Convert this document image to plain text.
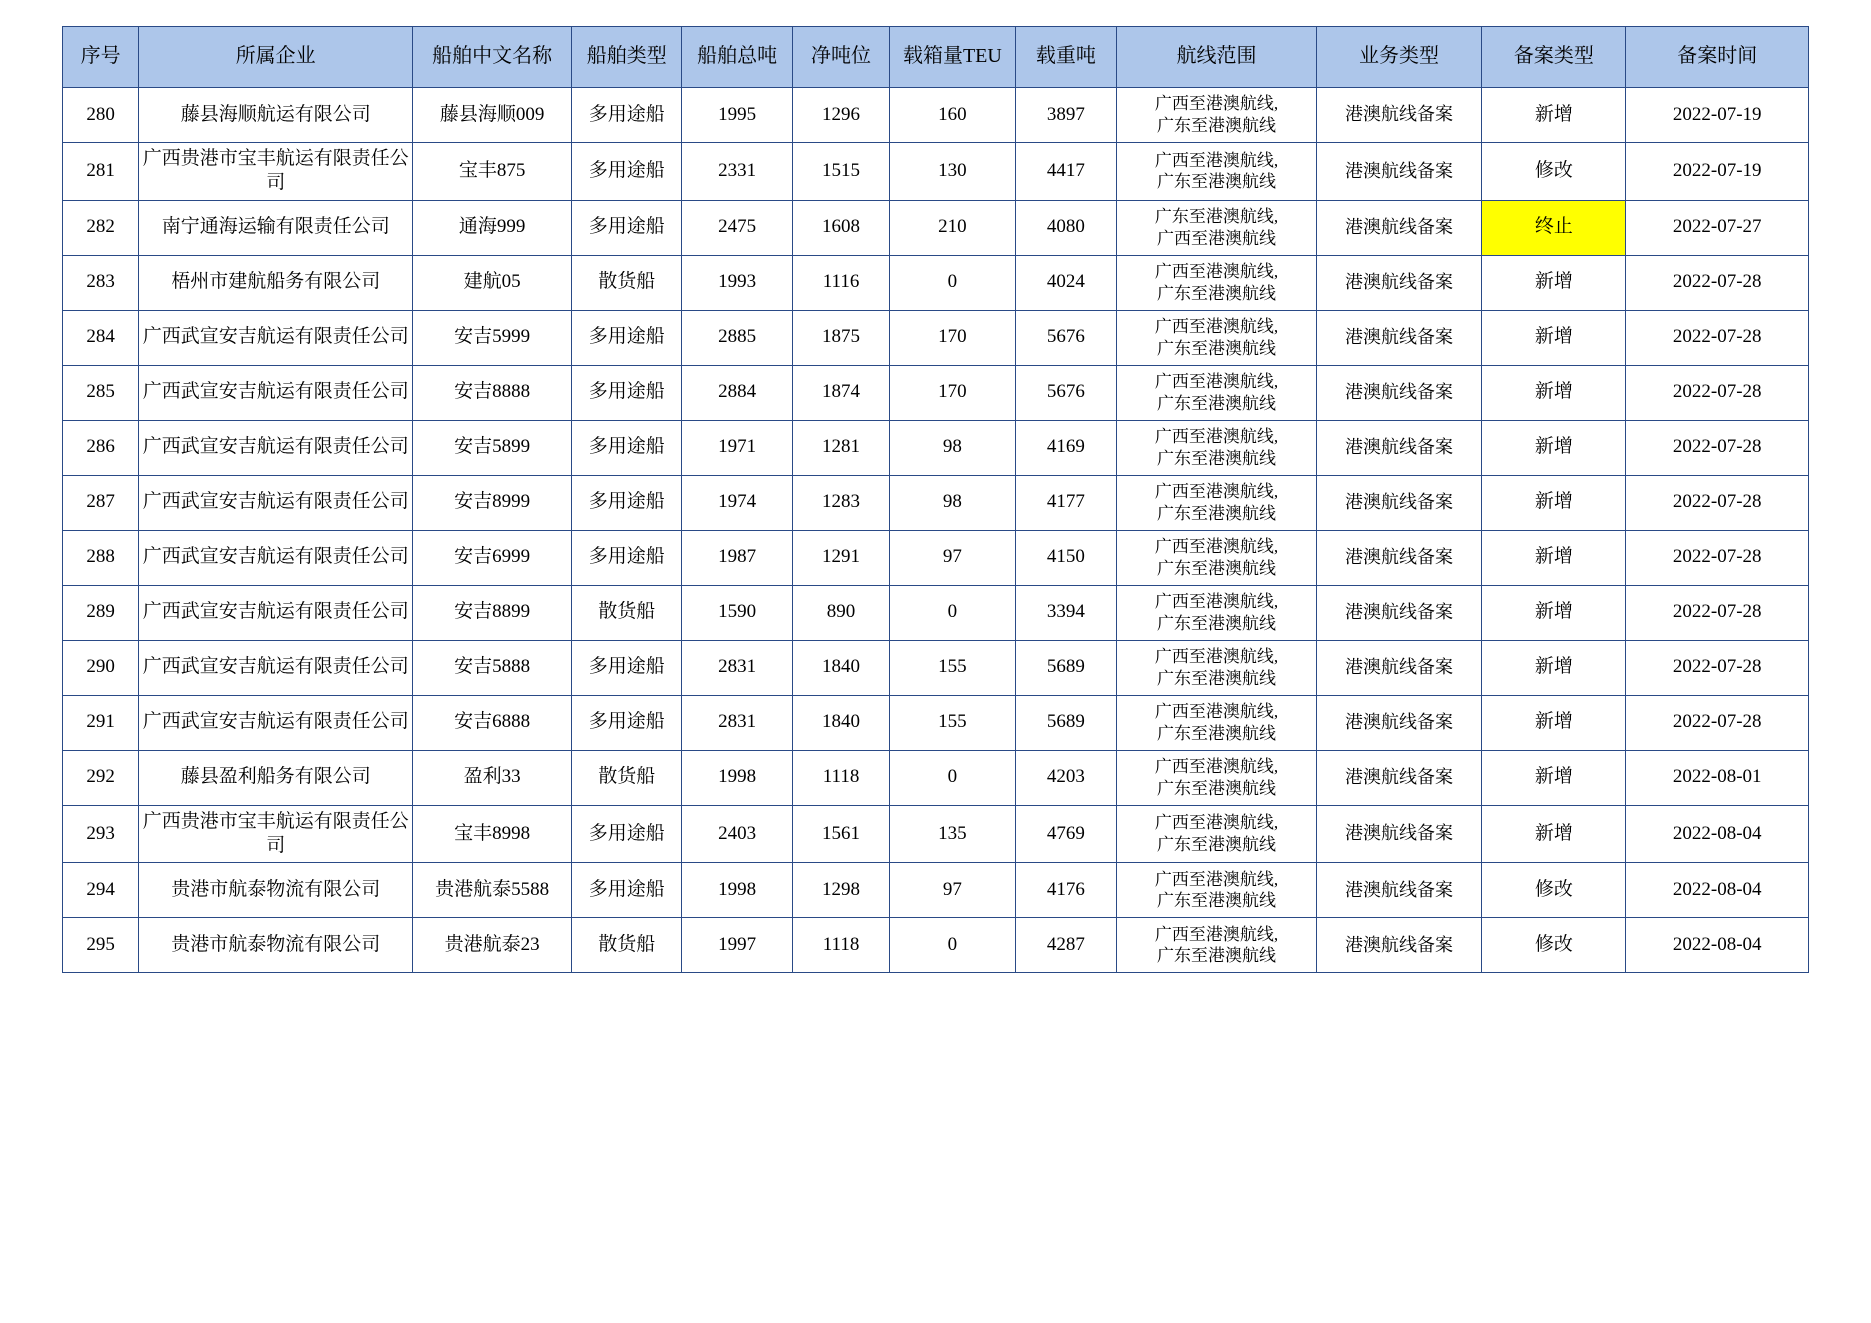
序号	所属企业	船舶中文名称	船舶类型	船舶总吨	净吨位	载箱量TEU	载重吨	航线范围	业务类型	备案类型	备案时间
280	藤县海顺航运有限公司	藤县海顺009	多用途船	1995	1296	160	3897	广西至港澳航线,
广东至港澳航线	港澳航线备案	新增	2022-07-19
281	广西贵港市宝丰航运有限责任公司	宝丰875	多用途船	2331	1515	130	4417	广西至港澳航线,
广东至港澳航线	港澳航线备案	修改	2022-07-19
282	南宁通海运输有限责任公司	通海999	多用途船	2475	1608	210	4080	广东至港澳航线,
广西至港澳航线	港澳航线备案	终止	2022-07-27
283	梧州市建航船务有限公司	建航05	散货船	1993	1116	0	4024	广西至港澳航线,
广东至港澳航线	港澳航线备案	新增	2022-07-28
284	广西武宣安吉航运有限责任公司	安吉5999	多用途船	2885	1875	170	5676	广西至港澳航线,
广东至港澳航线	港澳航线备案	新增	2022-07-28
285	广西武宣安吉航运有限责任公司	安吉8888	多用途船	2884	1874	170	5676	广西至港澳航线,
广东至港澳航线	港澳航线备案	新增	2022-07-28
286	广西武宣安吉航运有限责任公司	安吉5899	多用途船	1971	1281	98	4169	广西至港澳航线,
广东至港澳航线	港澳航线备案	新增	2022-07-28
287	广西武宣安吉航运有限责任公司	安吉8999	多用途船	1974	1283	98	4177	广西至港澳航线,
广东至港澳航线	港澳航线备案	新增	2022-07-28
288	广西武宣安吉航运有限责任公司	安吉6999	多用途船	1987	1291	97	4150	广西至港澳航线,
广东至港澳航线	港澳航线备案	新增	2022-07-28
289	广西武宣安吉航运有限责任公司	安吉8899	散货船	1590	890	0	3394	广西至港澳航线,
广东至港澳航线	港澳航线备案	新增	2022-07-28
290	广西武宣安吉航运有限责任公司	安吉5888	多用途船	2831	1840	155	5689	广西至港澳航线,
广东至港澳航线	港澳航线备案	新增	2022-07-28
291	广西武宣安吉航运有限责任公司	安吉6888	多用途船	2831	1840	155	5689	广西至港澳航线,
广东至港澳航线	港澳航线备案	新增	2022-07-28
292	藤县盈利船务有限公司	盈利33	散货船	1998	1118	0	4203	广西至港澳航线,
广东至港澳航线	港澳航线备案	新增	2022-08-01
293	广西贵港市宝丰航运有限责任公司	宝丰8998	多用途船	2403	1561	135	4769	广西至港澳航线,
广东至港澳航线	港澳航线备案	新增	2022-08-04
294	贵港市航泰物流有限公司	贵港航泰5588	多用途船	1998	1298	97	4176	广西至港澳航线,
广东至港澳航线	港澳航线备案	修改	2022-08-04
295	贵港市航泰物流有限公司	贵港航泰23	散货船	1997	1118	0	4287	广西至港澳航线,
广东至港澳航线	港澳航线备案	修改	2022-08-04
